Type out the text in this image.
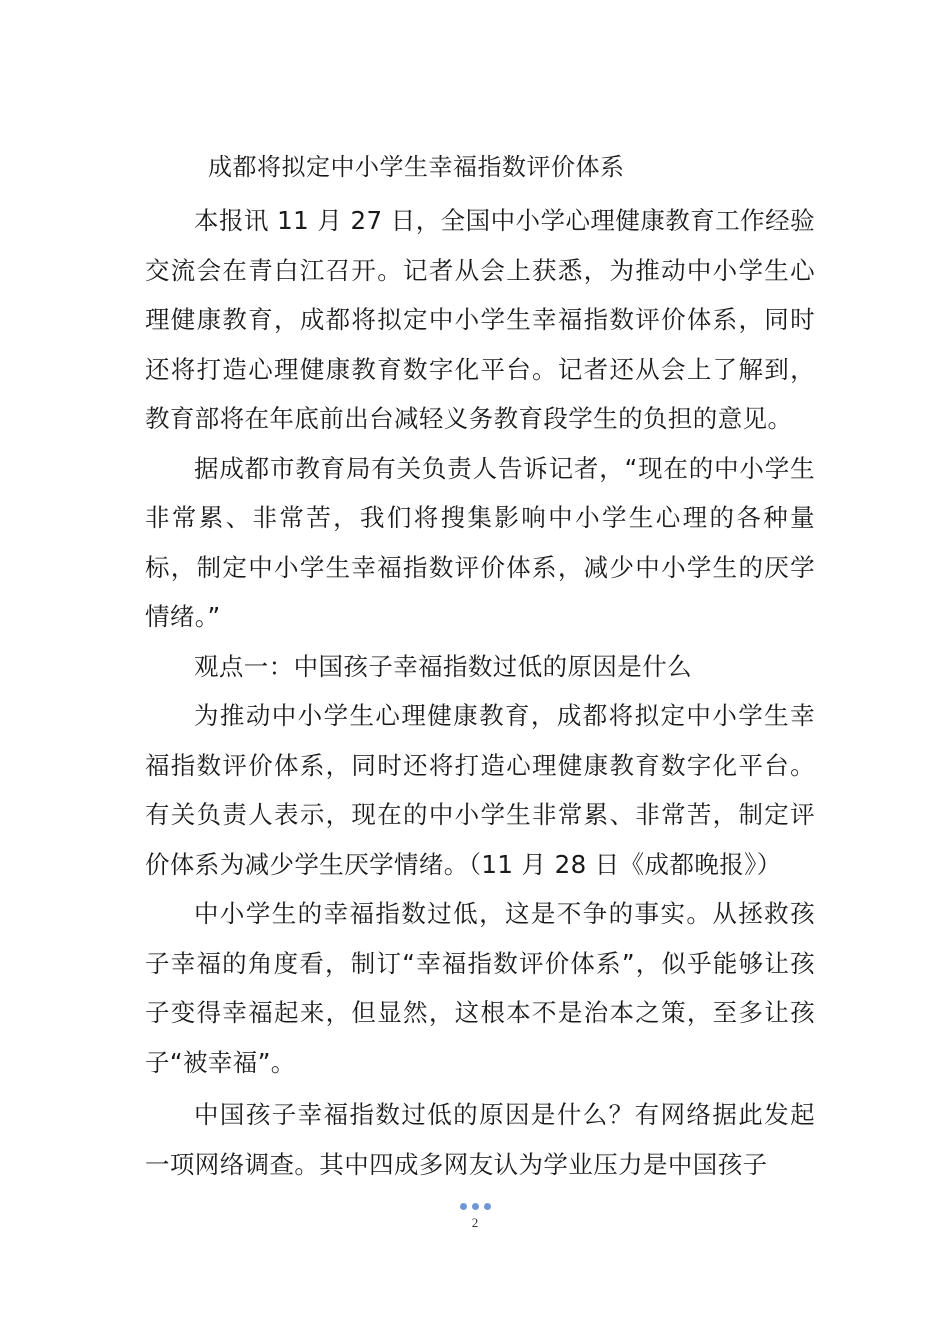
成都将拟定中小学生幸福指数评价体系

本报讯 11 月 27 日，全国中小学心理健康教育工作经验交流会在青白江召开。记者从会上获悉，为推动中小学生心理健康教育，成都将拟定中小学生幸福指数评价体系，同时还将打造心理健康教育数字化平台。记者还从会上了解到，教育部将在年底前出台减轻义务教育段学生的负担的意见。

据成都市教育局有关负责人告诉记者，“现在的中小学生非常累、非常苦，我们将搜集影响中小学生心理的各种量标，制定中小学生幸福指数评价体系，减少中小学生的厌学情绪。”

观点一：中国孩子幸福指数过低的原因是什么

为推动中小学生心理健康教育，成都将拟定中小学生幸福指数评价体系，同时还将打造心理健康教育数字化平台。有关负责人表示，现在的中小学生非常累、非常苦，制定评价体系为减少学生厌学情绪。（11 月 28 日《成都晚报》）

中小学生的幸福指数过低，这是不争的事实。从拯救孩子幸福的角度看，制订“幸福指数评价体系”，似乎能够让孩子变得幸福起来，但显然，这根本不是治本之策，至多让孩子“被幸福”。

中国孩子幸福指数过低的原因是什么？有网络据此发起一项网络调查。其中四成多网友认为学业压力是中国孩子

2
